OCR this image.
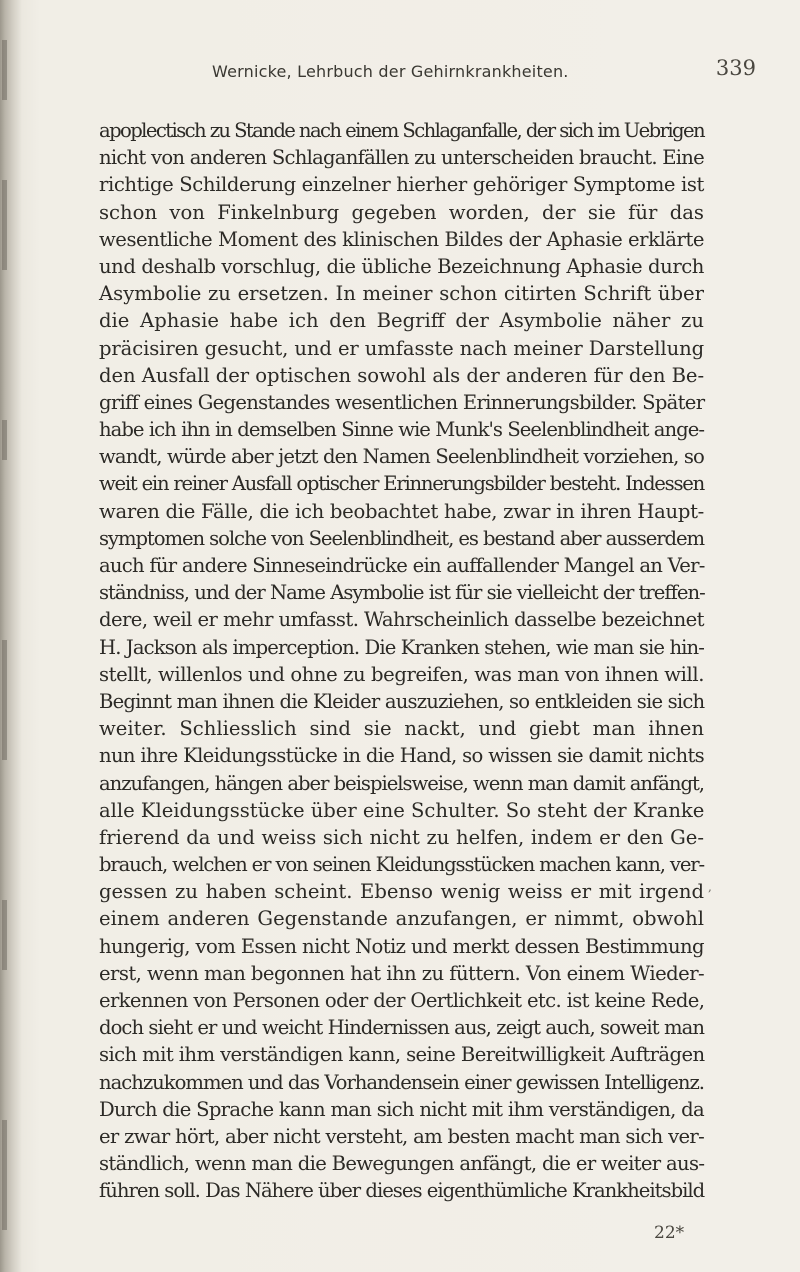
Wernicke, Lehrbuch der Gehirnkrankheiten.	339
apoplectisch zu Stande nach einem Schlaganfalle, der sich im Uebrigen
nicht von anderen Schlaganfällen zu unterscheiden braucht. Eine
richtige Schilderung einzelner hierher gehöriger Symptome ist
schon von Finkelnburg gegeben worden, der sie für das
wesentliche Moment des klinischen Bildes der Aphasie erklärte
und deshalb vorschlug, die übliche Bezeichnung Aphasie durch
Asymbolie zu ersetzen. In meiner schon citirten Schrift über
die Aphasie habe ich den Begriff der Asymbolie näher zu
präcisiren gesucht, und er umfasste nach meiner Darstellung
den Ausfall der optischen sowohl als der anderen für den Be-
griff eines Gegenstandes wesentlichen Erinnerungsbilder. Später
habe ich ihn in demselben Sinne wie Munk's Seelenblindheit ange-
wandt, würde aber jetzt den Namen Seelenblindheit vorziehen, so
weit ein reiner Ausfall optischer Erinnerungsbilder besteht. Indessen
waren die Fälle, die ich beobachtet habe, zwar in ihren Haupt-
symptomen solche von Seelenblindheit, es bestand aber ausserdem
auch für andere Sinneseindrücke ein auffallender Mangel an Ver-
ständniss, und der Name Asymbolie ist für sie vielleicht der treffen-
dere, weil er mehr umfasst. Wahrscheinlich dasselbe bezeichnet
H. Jackson als imperception. Die Kranken stehen, wie man sie hin-
stellt, willenlos und ohne zu begreifen, was man von ihnen will.
Beginnt man ihnen die Kleider auszuziehen, so entkleiden sie sich
weiter. Schliesslich sind sie nackt, und giebt man ihnen
nun ihre Kleidungsstücke in die Hand, so wissen sie damit nichts
anzufangen, hängen aber beispielsweise, wenn man damit anfängt,
alle Kleidungsstücke über eine Schulter. So steht der Kranke
frierend da und weiss sich nicht zu helfen, indem er den Ge-
brauch, welchen er von seinen Kleidungsstücken machen kann, ver-
gessen zu haben scheint. Ebenso wenig weiss er mit irgend
einem anderen Gegenstande anzufangen, er nimmt, obwohl
hungerig, vom Essen nicht Notiz und merkt dessen Bestimmung
erst, wenn man begonnen hat ihn zu füttern. Von einem Wieder-
erkennen von Personen oder der Oertlichkeit etc. ist keine Rede,
doch sieht er und weicht Hindernissen aus, zeigt auch, soweit man
sich mit ihm verständigen kann, seine Bereitwilligkeit Aufträgen
nachzukommen und das Vorhandensein einer gewissen Intelligenz.
Durch die Sprache kann man sich nicht mit ihm verständigen, da
er zwar hört, aber nicht versteht, am besten macht man sich ver-
ständlich, wenn man die Bewegungen anfängt, die er weiter aus-
führen soll. Das Nähere über dieses eigenthümliche Krankheitsbild
,
22*
